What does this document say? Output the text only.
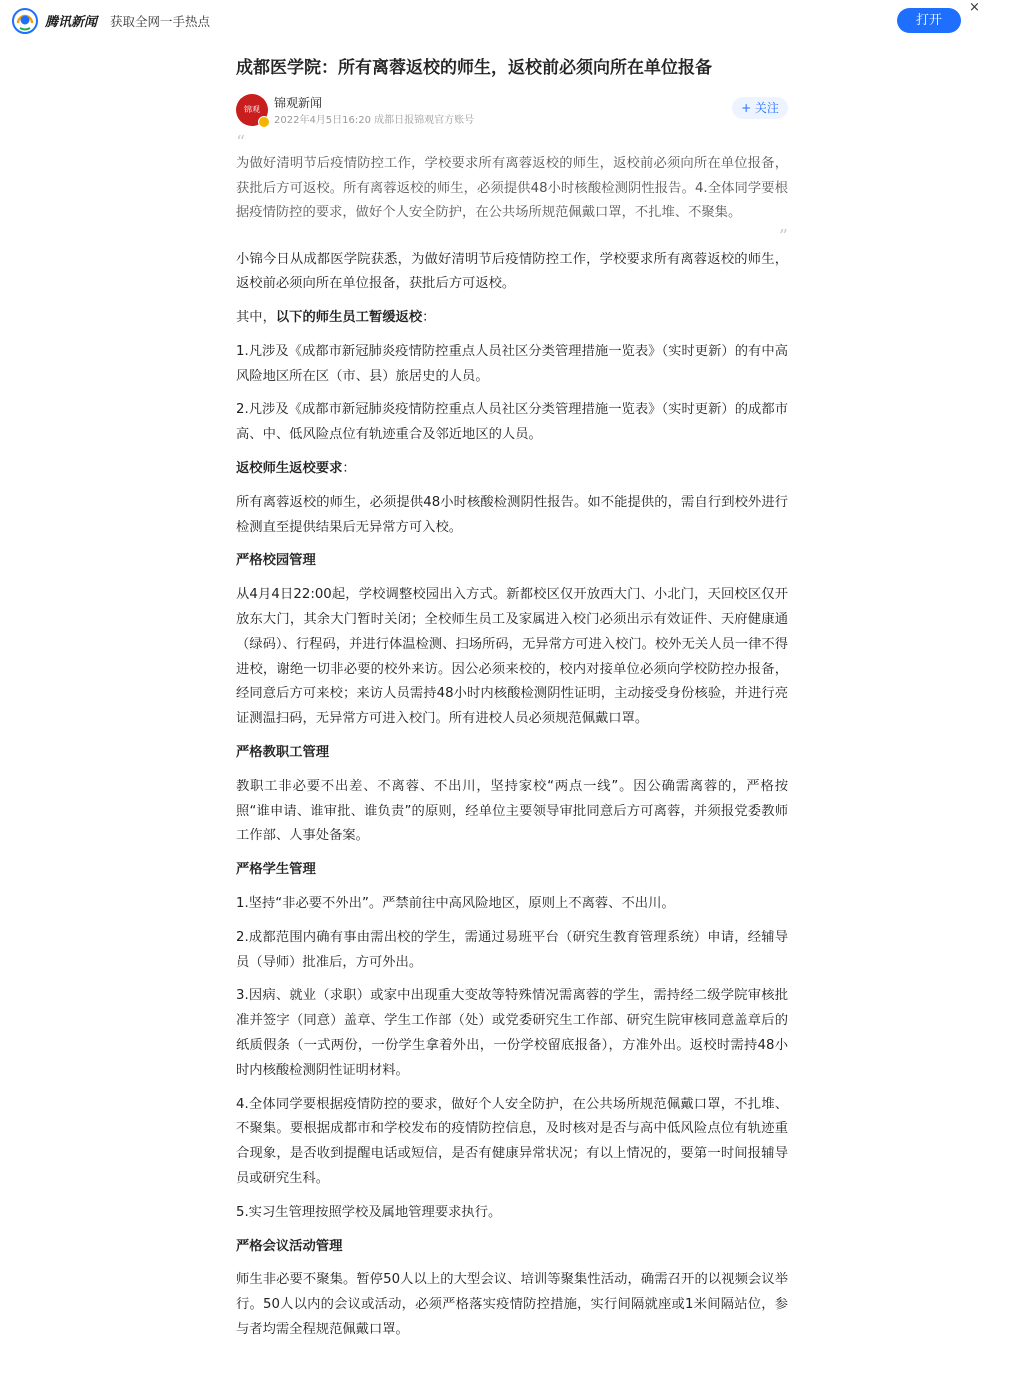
腾讯新闻 获取全网一手热点	打开
×
成都医学院：所有离蓉返校的师生，返校前必须向所在单位报备
锦观	锦观新闻
2022年4月5日16:20 成都日报锦观官方账号
+ 关注
“

为做好清明节后疫情防控工作，学校要求所有离蓉返校的师生，返校前必须向所在单位报备，获批后方可返校。所有离蓉返校的师生，必须提供48小时核酸检测阴性报告。4.全体同学要根据疫情防控的要求，做好个人安全防护，在公共场所规范佩戴口罩，不扎堆、不聚集。

”

小锦今日从成都医学院获悉，为做好清明节后疫情防控工作，学校要求所有离蓉返校的师生，返校前必须向所在单位报备，获批后方可返校。

其中，以下的师生员工暂缓返校：

1.凡涉及《成都市新冠肺炎疫情防控重点人员社区分类管理措施一览表》（实时更新）的有中高风险地区所在区（市、县）旅居史的人员。

2.凡涉及《成都市新冠肺炎疫情防控重点人员社区分类管理措施一览表》（实时更新）的成都市高、中、低风险点位有轨迹重合及邻近地区的人员。

返校师生返校要求：

所有离蓉返校的师生，必须提供48小时核酸检测阴性报告。如不能提供的，需自行到校外进行检测直至提供结果后无异常方可入校。

严格校园管理

从4月4日22:00起，学校调整校园出入方式。新都校区仅开放西大门、小北门，天回校区仅开放东大门，其余大门暂时关闭；全校师生员工及家属进入校门必须出示有效证件、天府健康通（绿码）、行程码，并进行体温检测、扫场所码，无异常方可进入校门。校外无关人员一律不得进校，谢绝一切非必要的校外来访。因公必须来校的，校内对接单位必须向学校防控办报备，经同意后方可来校；来访人员需持48小时内核酸检测阴性证明，主动接受身份核验，并进行亮证测温扫码，无异常方可进入校门。所有进校人员必须规范佩戴口罩。

严格教职工管理

教职工非必要不出差、不离蓉、不出川，坚持家校“两点一线”。因公确需离蓉的，严格按照“谁申请、谁审批、谁负责”的原则，经单位主要领导审批同意后方可离蓉，并须报党委教师工作部、人事处备案。

严格学生管理

1.坚持“非必要不外出”。严禁前往中高风险地区，原则上不离蓉、不出川。

2.成都范围内确有事由需出校的学生，需通过易班平台（研究生教育管理系统）申请，经辅导员（导师）批准后，方可外出。

3.因病、就业（求职）或家中出现重大变故等特殊情况需离蓉的学生，需持经二级学院审核批准并签字（同意）盖章、学生工作部（处）或党委研究生工作部、研究生院审核同意盖章后的纸质假条（一式两份，一份学生拿着外出，一份学校留底报备），方准外出。返校时需持48小时内核酸检测阴性证明材料。

4.全体同学要根据疫情防控的要求，做好个人安全防护，在公共场所规范佩戴口罩，不扎堆、不聚集。要根据成都市和学校发布的疫情防控信息，及时核对是否与高中低风险点位有轨迹重合现象，是否收到提醒电话或短信，是否有健康异常状况；有以上情况的，要第一时间报辅导员或研究生科。

5.实习生管理按照学校及属地管理要求执行。

严格会议活动管理

师生非必要不聚集。暂停50人以上的大型会议、培训等聚集性活动，确需召开的以视频会议举行。50人以内的会议或活动，必须严格落实疫情防控措施，实行间隔就座或1米间隔站位，参与者均需全程规范佩戴口罩。
